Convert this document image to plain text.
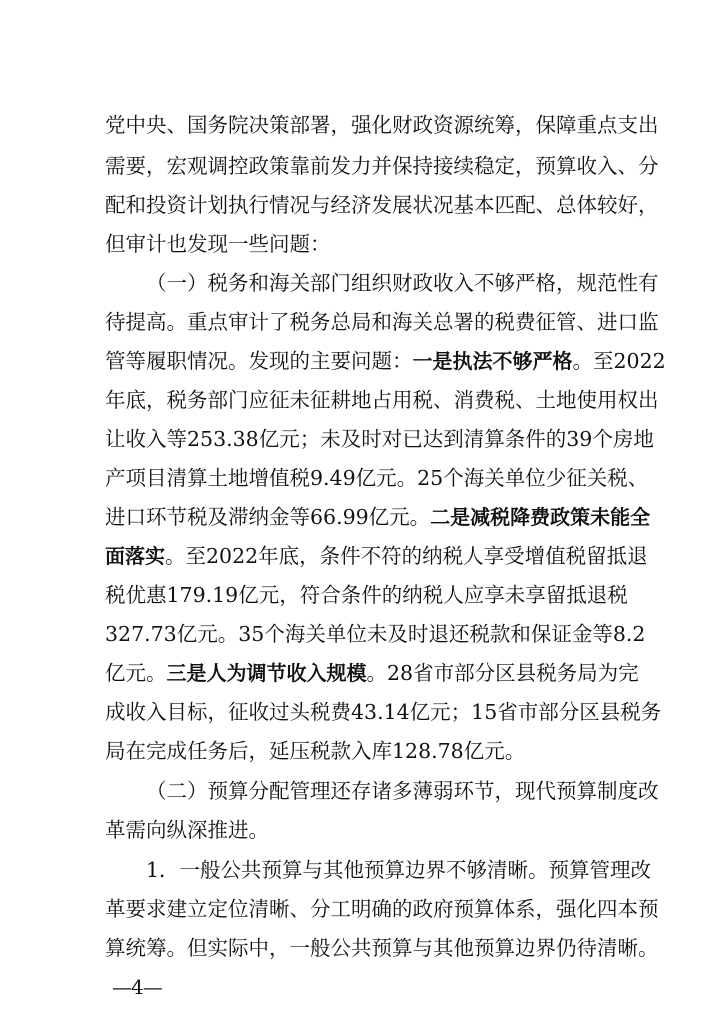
党中央、国务院决策部署，强化财政资源统筹，保障重点支出
需要，宏观调控政策靠前发力并保持接续稳定，预算收入、分
配和投资计划执行情况与经济发展状况基本匹配、总体较好，
但审计也发现一些问题：
（一）税务和海关部门组织财政收入不够严格，规范性有
待提高。重点审计了税务总局和海关总署的税费征管、进口监
管等履职情况。发现的主要问题：一是执法不够严格。至2022
年底，税务部门应征未征耕地占用税、消费税、土地使用权出
让收入等253.38亿元；未及时对已达到清算条件的39个房地
产项目清算土地增值税9.49亿元。25个海关单位少征关税、
进口环节税及滞纳金等66.99亿元。二是减税降费政策未能全
面落实。至2022年底，条件不符的纳税人享受增值税留抵退
税优惠179.19亿元，符合条件的纳税人应享未享留抵退税
327.73亿元。35个海关单位未及时退还税款和保证金等8.2
亿元。三是人为调节收入规模。28省市部分区县税务局为完
成收入目标，征收过头税费43.14亿元；15省市部分区县税务
局在完成任务后，延压税款入库128.78亿元。
（二）预算分配管理还存诸多薄弱环节，现代预算制度改
革需向纵深推进。
1．一般公共预算与其他预算边界不够清晰。预算管理改
革要求建立定位清晰、分工明确的政府预算体系，强化四本预
算统筹。但实际中，一般公共预算与其他预算边界仍待清晰。
—4—
